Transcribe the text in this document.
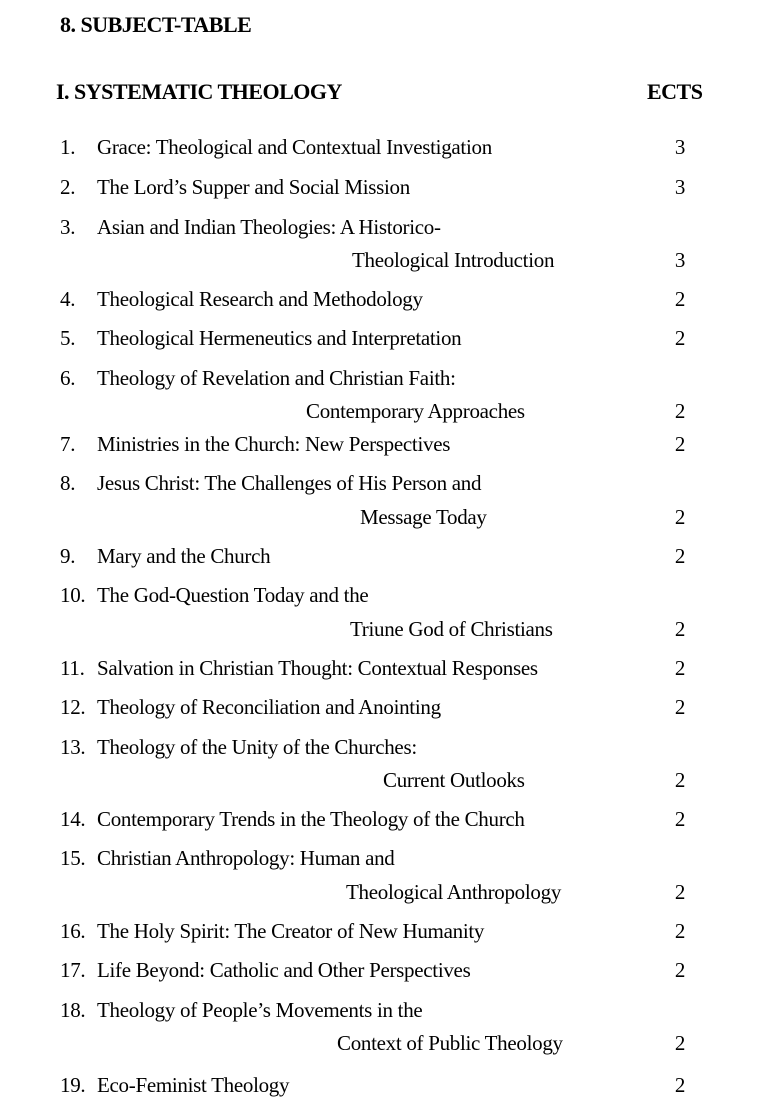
8. SUBJECT-TABLE
I. SYSTEMATIC THEOLOGY	ECTS
1.	Grace: Theological and Contextual Investigation	3
2.	The Lord’s Supper and Social Mission	3
3.	Asian and Indian Theologies: A Historico-
Theological Introduction	3
4.	Theological Research and Methodology	2
5.	Theological Hermeneutics and Interpretation	2
6.	Theology of Revelation and Christian Faith:
Contemporary Approaches	2
7.	Ministries in the Church: New Perspectives	2
8.	Jesus Christ: The Challenges of His Person and
Message Today	2
9.	Mary and the Church	2
10. The God-Question Today and the
Triune God of Christians	2
11. Salvation in Christian Thought: Contextual Responses	2
12. Theology of Reconciliation and Anointing	2
13. Theology of the Unity of the Churches:
Current Outlooks	2
14. Contemporary Trends in the Theology of the Church	2
15. Christian Anthropology: Human and
Theological Anthropology	2
16. The Holy Spirit: The Creator of New Humanity	2
17. Life Beyond: Catholic and Other Perspectives	2
18. Theology of People’s Movements in the
Context of Public Theology	2
19. Eco-Feminist Theology	2
